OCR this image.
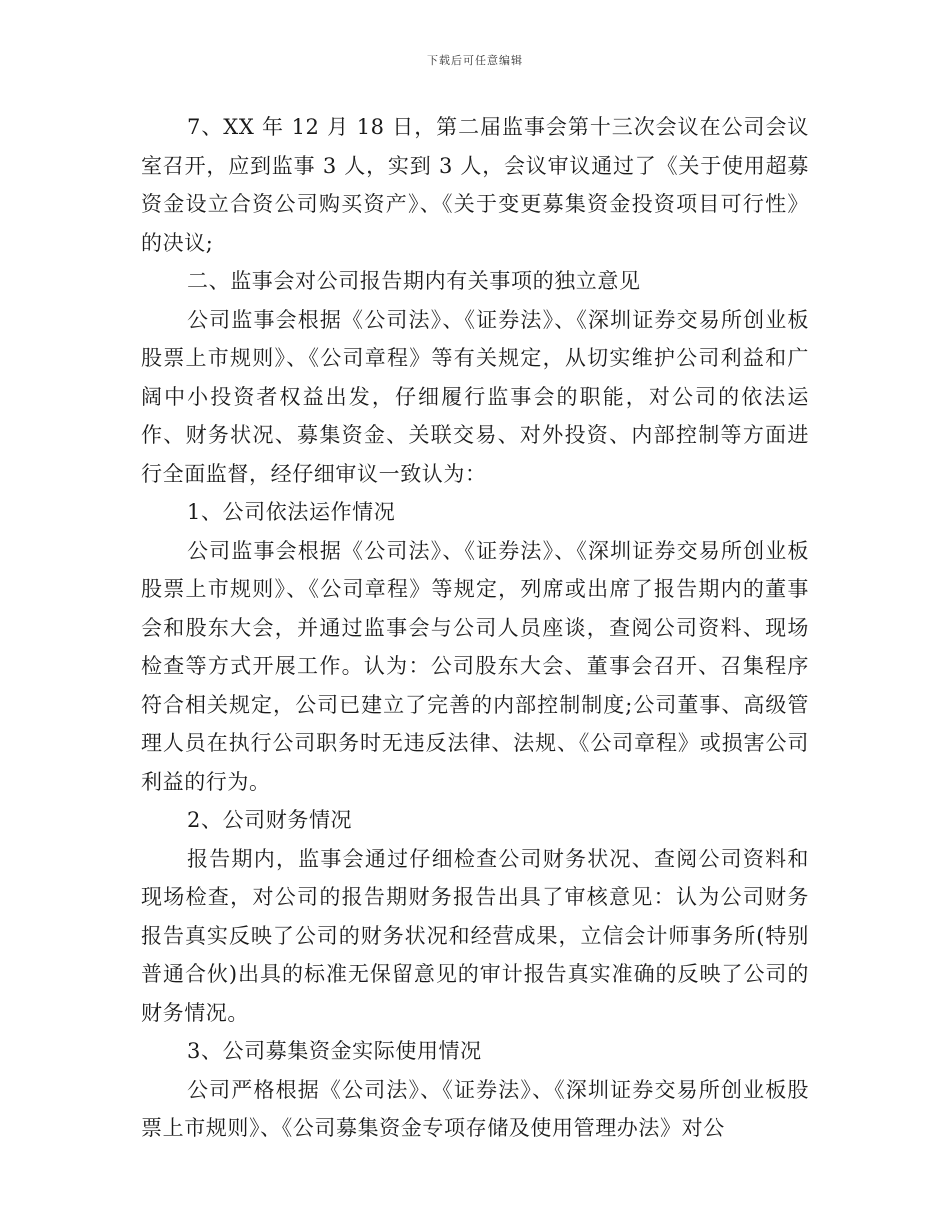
下载后可任意编辑

7、XX 年 12 月 18 日，第二届监事会第十三次会议在公司会议室召开，应到监事 3 人，实到 3 人，会议审议通过了《关于使用超募资金设立合资公司购买资产》、《关于变更募集资金投资项目可行性》的决议;

二、监事会对公司报告期内有关事项的独立意见

公司监事会根据《公司法》、《证券法》、《深圳证券交易所创业板股票上市规则》、《公司章程》等有关规定，从切实维护公司利益和广阔中小投资者权益出发，仔细履行监事会的职能，对公司的依法运作、财务状况、募集资金、关联交易、对外投资、内部控制等方面进行全面监督，经仔细审议一致认为：

1、公司依法运作情况

公司监事会根据《公司法》、《证券法》、《深圳证券交易所创业板股票上市规则》、《公司章程》等规定，列席或出席了报告期内的董事会和股东大会，并通过监事会与公司人员座谈，查阅公司资料、现场检查等方式开展工作。认为：公司股东大会、董事会召开、召集程序符合相关规定，公司已建立了完善的内部控制制度;公司董事、高级管理人员在执行公司职务时无违反法律、法规、《公司章程》或损害公司利益的行为。

2、公司财务情况

报告期内，监事会通过仔细检查公司财务状况、查阅公司资料和现场检查，对公司的报告期财务报告出具了审核意见：认为公司财务报告真实反映了公司的财务状况和经营成果，立信会计师事务所(特别普通合伙)出具的标准无保留意见的审计报告真实准确的反映了公司的财务情况。

3、公司募集资金实际使用情况

公司严格根据《公司法》、《证券法》、《深圳证券交易所创业板股票上市规则》、《公司募集资金专项存储及使用管理办法》对公
